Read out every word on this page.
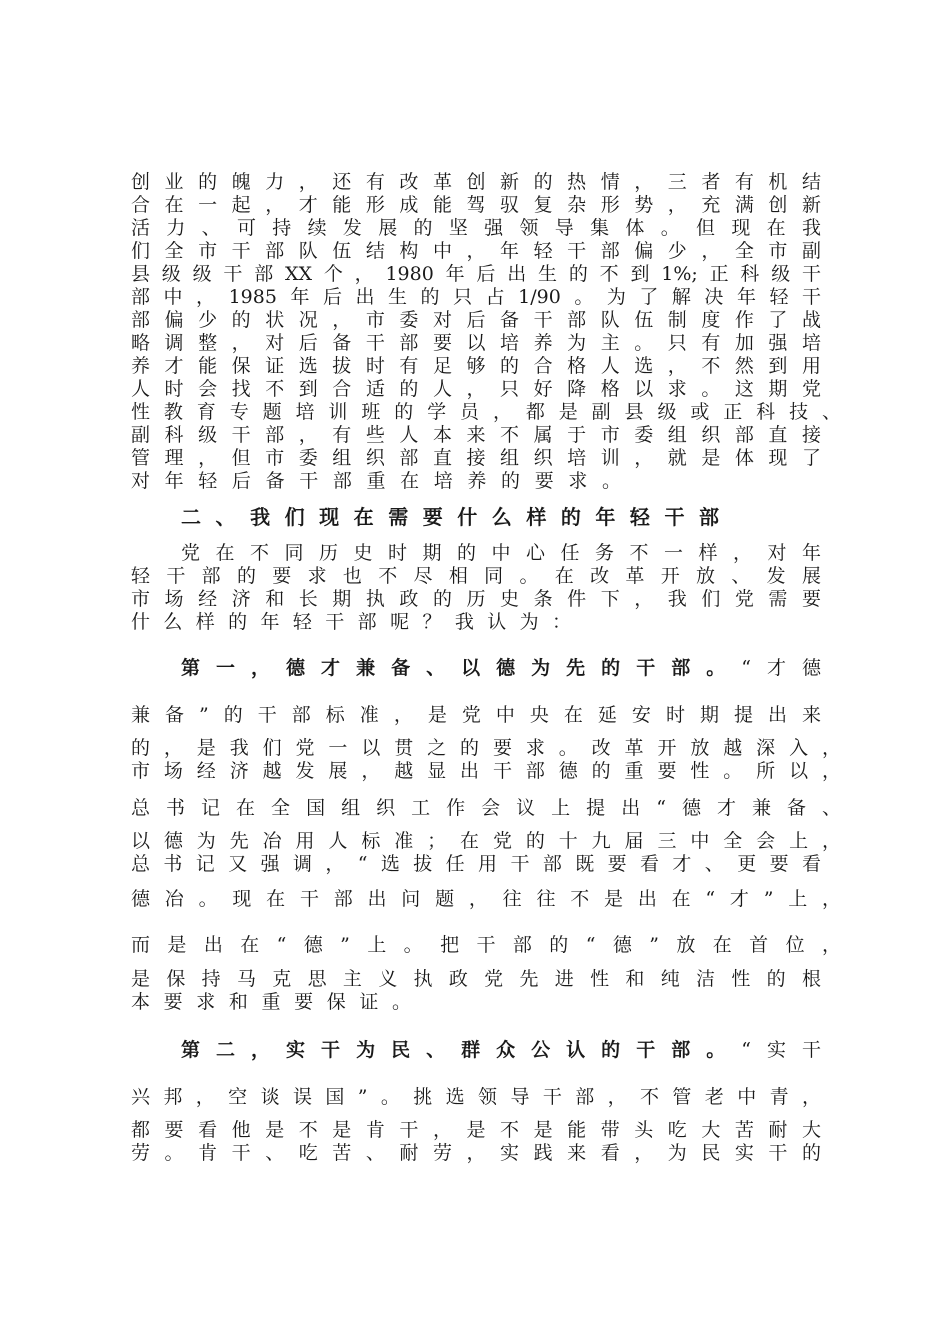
创业的魄力，还有改革创新的热情，三者有机结
合在一起，才能形成能驾驭复杂形势，充满创新
活力、可持续发展的坚强领导集体。但现在我
们全市干部队伍结构中，年轻干部偏少，全市副
县级级干部XX个，1980年后出生的不到1%;正科级干
部中，1985年后出生的只占1/90。为了解决年轻干
部偏少的状况，市委对后备干部队伍制度作了战
略调整，对后备干部要以培养为主。只有加强培
养才能保证选拔时有足够的合格人选，不然到用
人时会找不到合适的人，只好降格以求。这期党
性教育专题培训班的学员，都是副县级或正科技、
副科级干部，有些人本来不属于市委组织部直接
管理，但市委组织部直接组织培训，就是体现了
对年轻后备干部重在培养的要求。
二、我们现在需要什么样的年轻干部
党在不同历史时期的中心任务不一样，对年
轻干部的要求也不尽相同。在改革开放、发展
市场经济和长期执政的历史条件下，我们党需要
什么样的年轻干部呢？我认为：
第一，德才兼备、以德为先的干部。“才德
兼备”的干部标准，是党中央在延安时期提出来
的，是我们党一以贯之的要求。改革开放越深入，
市场经济越发展，越显出干部德的重要性。所以，
总书记在全国组织工作会议上提出“德才兼备、
以德为先冶用人标准；在党的十九届三中全会上，
总书记又强调，“选拔任用干部既要看才、更要看
德冶。现在干部出问题，往往不是出在“才”上，
而是出在“德”上。把干部的“德”放在首位，
是保持马克思主义执政党先进性和纯洁性的根
本要求和重要保证。
第二，实干为民、群众公认的干部。“实干
兴邦，空谈误国”。挑选领导干部，不管老中青，
都要看他是不是肯干，是不是能带头吃大苦耐大
劳。肯干、吃苦、耐劳，实践来看，为民实干的
